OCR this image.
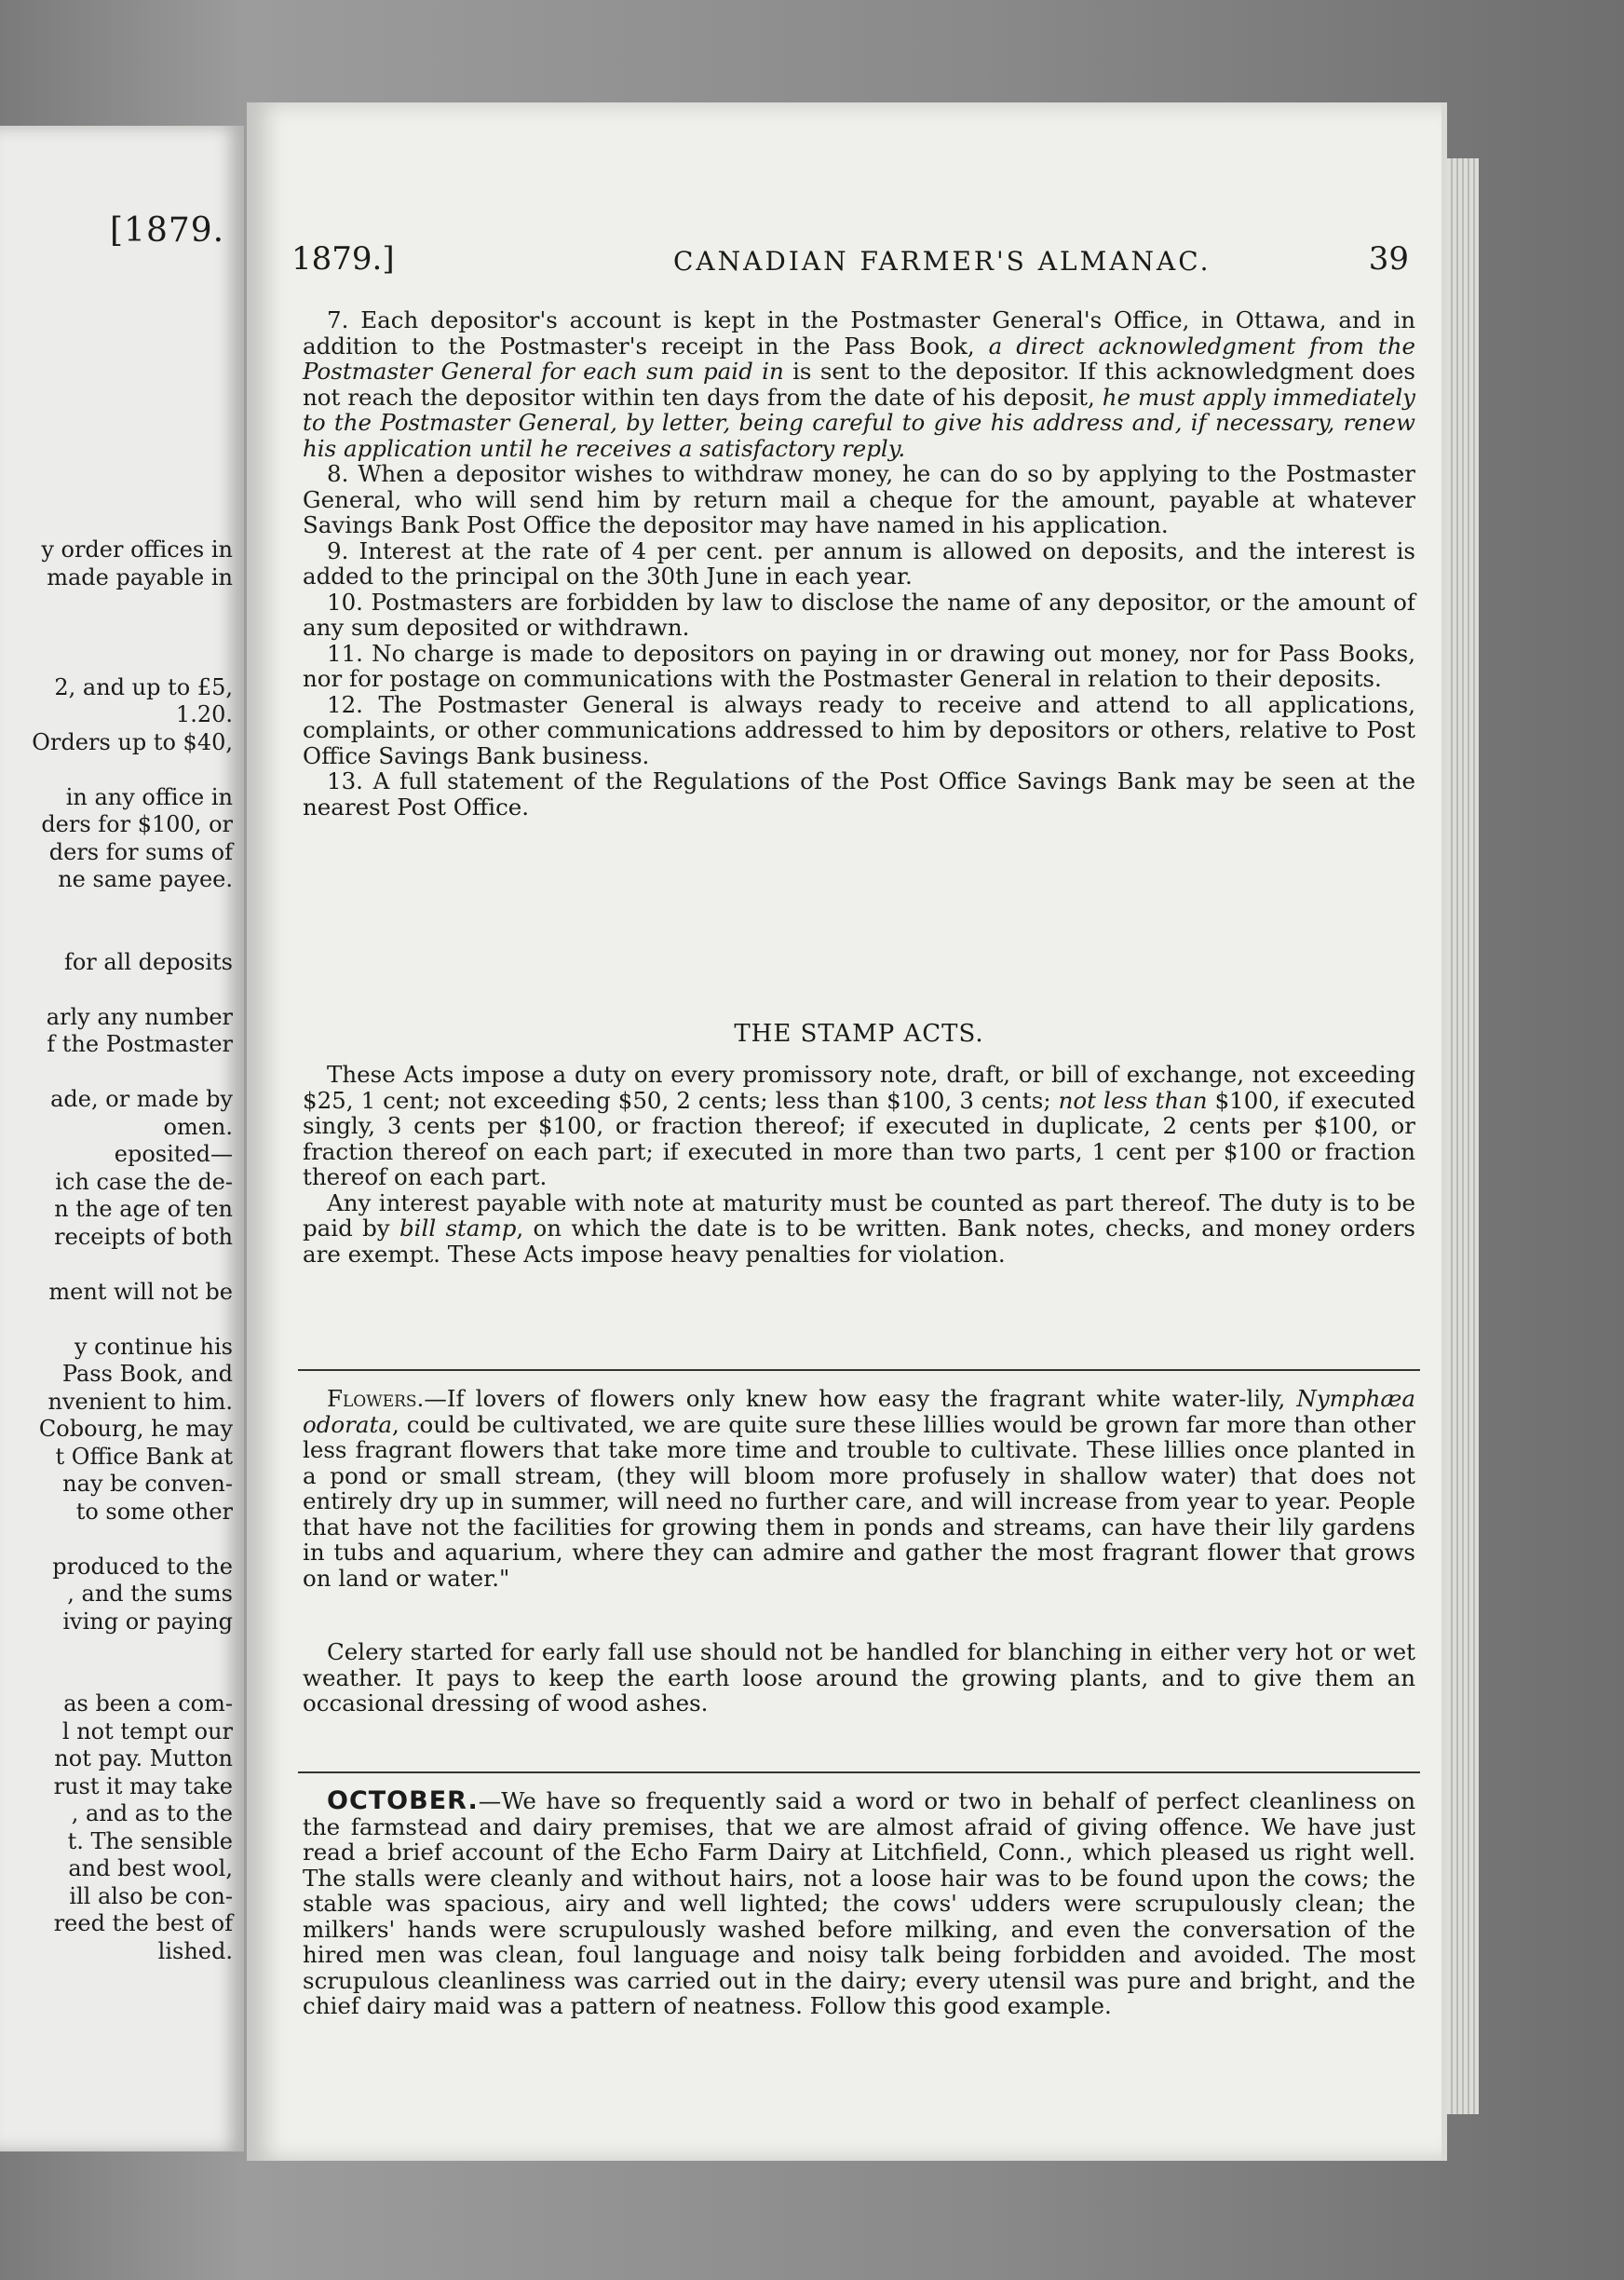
[1879.
y order offices in
made payable in
2, and up to £5,
1.20.
Orders up to $40,
in any office in
ders for $100, or
ders for sums of
ne same payee.
for all deposits
arly any number
f the Postmaster
ade, or made by
omen.
eposited—
ich case the de-
n the age of ten
receipts of both
ment will not be
y continue his
Pass Book, and
nvenient to him.
Cobourg, he may
t Office Bank at
nay be conven-
to some other
produced to the
, and the sums
iving or paying
as been a com-
l not tempt our
not pay. Mutton
rust it may take
, and as to the
t. The sensible
and best wool,
ill also be con-
reed the best of
lished.
1879.]	CANADIAN FARMER'S ALMANAC.	39

7. Each depositor's account is kept in the Postmaster General's Office, in Ottawa, and in addition to the Postmaster's receipt in the Pass Book, a direct acknowledgment from the Postmaster General for each sum paid in is sent to the depositor. If this acknowledgment does not reach the depositor within ten days from the date of his deposit, he must apply immediately to the Postmaster General, by letter, being careful to give his address and, if necessary, renew his application until he receives a satisfactory reply.

8. When a depositor wishes to withdraw money, he can do so by applying to the Postmaster General, who will send him by return mail a cheque for the amount, payable at whatever Savings Bank Post Office the depositor may have named in his application.

9. Interest at the rate of 4 per cent. per annum is allowed on deposits, and the interest is added to the principal on the 30th June in each year.

10. Postmasters are forbidden by law to disclose the name of any depositor, or the amount of any sum deposited or withdrawn.

11. No charge is made to depositors on paying in or drawing out money, nor for Pass Books, nor for postage on communications with the Postmaster General in relation to their deposits.

12. The Postmaster General is always ready to receive and attend to all applications, complaints, or other communications addressed to him by depositors or others, relative to Post Office Savings Bank business.

13. A full statement of the Regulations of the Post Office Savings Bank may be seen at the nearest Post Office.

THE STAMP ACTS.

These Acts impose a duty on every promissory note, draft, or bill of exchange, not exceeding $25, 1 cent; not exceeding $50, 2 cents; less than $100, 3 cents; not less than $100, if executed singly, 3 cents per $100, or fraction thereof; if executed in duplicate, 2 cents per $100, or fraction thereof on each part; if executed in more than two parts, 1 cent per $100 or fraction thereof on each part.

Any interest payable with note at maturity must be counted as part thereof. The duty is to be paid by bill stamp, on which the date is to be written. Bank notes, checks, and money orders are exempt. These Acts impose heavy penalties for violation.

Flowers.—If lovers of flowers only knew how easy the fragrant white water-lily, Nymphæa odorata, could be cultivated, we are quite sure these lillies would be grown far more than other less fragrant flowers that take more time and trouble to cultivate. These lillies once planted in a pond or small stream, (they will bloom more profusely in shallow water) that does not entirely dry up in summer, will need no further care, and will increase from year to year. People that have not the facilities for growing them in ponds and streams, can have their lily gardens in tubs and aquarium, where they can admire and gather the most fragrant flower that grows on land or water."

Celery started for early fall use should not be handled for blanching in either very hot or wet weather. It pays to keep the earth loose around the growing plants, and to give them an occasional dressing of wood ashes.

OCTOBER.—We have so frequently said a word or two in behalf of perfect cleanliness on the farmstead and dairy premises, that we are almost afraid of giving offence. We have just read a brief account of the Echo Farm Dairy at Litchfield, Conn., which pleased us right well. The stalls were cleanly and without hairs, not a loose hair was to be found upon the cows; the stable was spacious, airy and well lighted; the cows' udders were scrupulously clean; the milkers' hands were scrupulously washed before milking, and even the conversation of the hired men was clean, foul language and noisy talk being forbidden and avoided. The most scrupulous cleanliness was carried out in the dairy; every utensil was pure and bright, and the chief dairy maid was a pattern of neatness. Follow this good example.
